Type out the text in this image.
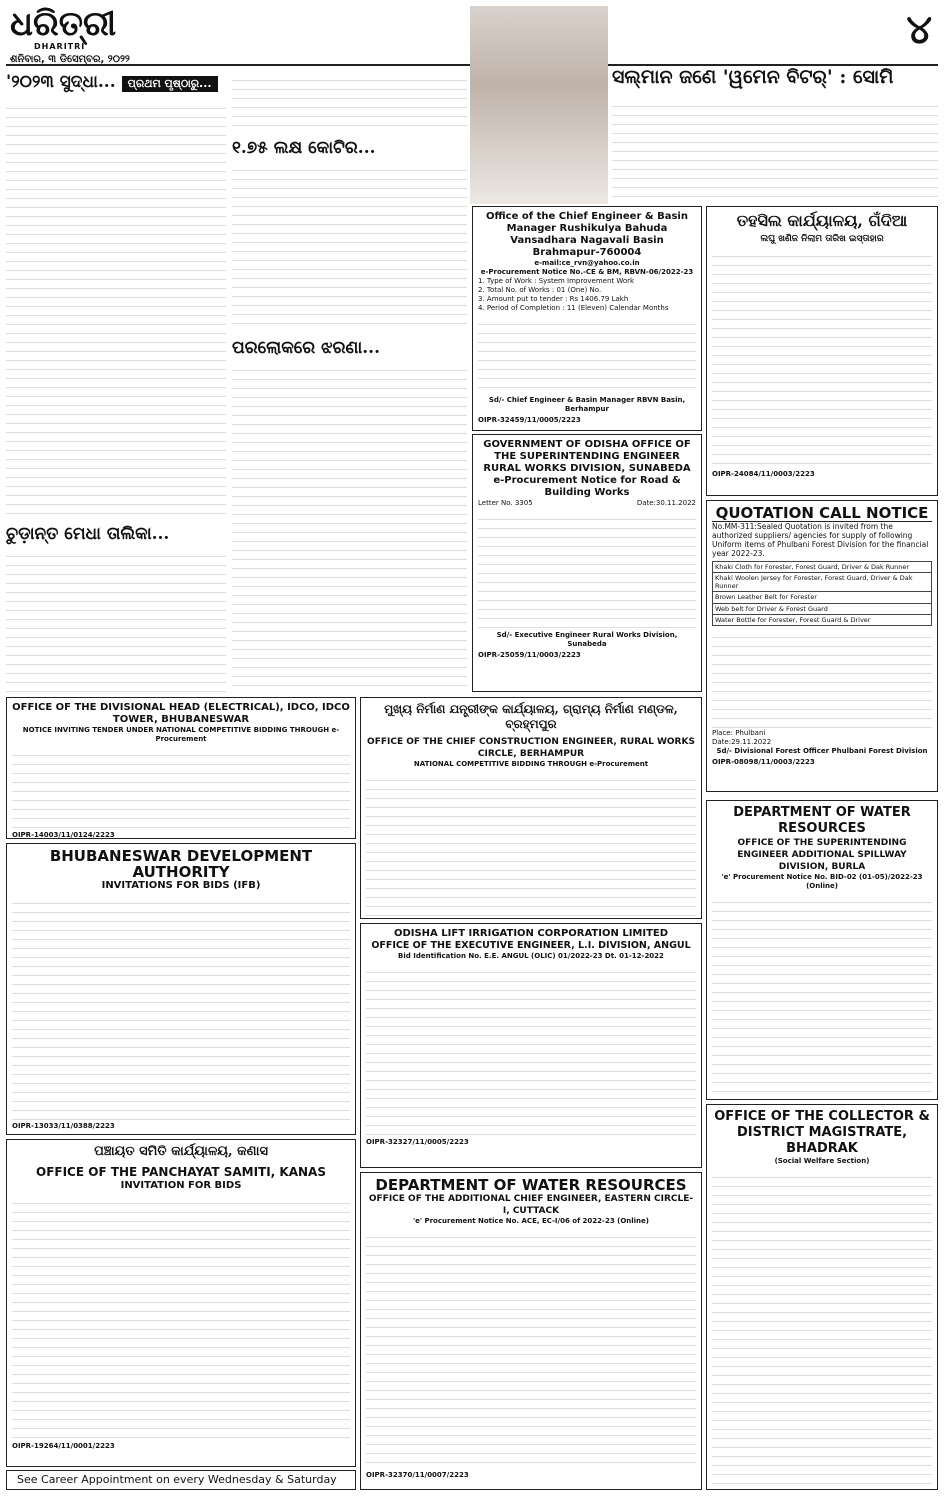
ଧରିତ୍ରୀ
DHARITRI
ଶନିବାର, ୩ ଡିସେମ୍ବର, ୨୦୨୨
୪
'୨୦୨୩ ସୁଦ୍ଧା...	ପ୍ରଥମ ପୃଷ୍ଠାରୁ...
ଚୁଡ଼ାନ୍ତ ମେଧା ତାଲିକା...
୧.୭୫ ଲକ୍ଷ କୋଟିର...
ପରଲୋକରେ ଝରଣା...
ସଲ୍‌ମାନ ଜଣେ 'ୱମେନ ବିଟର୍' : ସୋମି
Office of the Chief Engineer & Basin Manager Rushikulya Bahuda Vansadhara Nagavali Basin Brahmapur-760004
e-mail:ce_rvn@yahoo.co.in
e-Procurement Notice No.-CE & BM, RBVN-06/2022-23
1. Type of Work : System Improvement Work
2. Total No. of Works : 01 (One) No.
3. Amount put to tender : Rs 1406.79 Lakh
4. Period of Completion : 11 (Eleven) Calendar Months
Sd/- Chief Engineer & Basin Manager RBVN Basin, Berhampur
OIPR-32459/11/0005/2223
GOVERNMENT OF ODISHA OFFICE OF THE SUPERINTENDING ENGINEER RURAL WORKS DIVISION, SUNABEDA
e-Procurement Notice for Road & Building Works
Letter No. 3305	Date:30.11.2022
Sd/- Executive Engineer Rural Works Division, Sunabeda
OIPR-25059/11/0003/2223
ତହସିଲ କାର୍ଯ୍ୟାଳୟ, ଗଁଦିଆ
ଲଘୁ ଖଣିଜ ନିଲାମ ତାରିଖ ଇସ୍ତାହାର
OIPR-24084/11/0003/2223
QUOTATION CALL NOTICE
No.MM-311:Sealed Quotation is invited from the authorized suppliers/ agencies for supply of following Uniform items of Phulbani Forest Division for the financial year 2022-23.
Khaki Cloth for Forester, Forest Guard, Driver & Dak Runner
Khaki Woolen Jersey for Forester, Forest Guard, Driver & Dak Runner
Brown Leather Belt for Forester
Web belt for Driver & Forest Guard
Water Bottle for Forester, Forest Guard & Driver
Place: Phulbani
Date:29.11.2022
Sd/- Divisional Forest Officer Phulbani Forest Division
OIPR-08098/11/0003/2223
OFFICE OF THE DIVISIONAL HEAD (ELECTRICAL), IDCO, IDCO TOWER, BHUBANESWAR
NOTICE INVITING TENDER UNDER NATIONAL COMPETITIVE BIDDING THROUGH e-Procurement
OIPR-14003/11/0124/2223
ମୁଖ୍ୟ ନିର୍ମାଣ ଯନ୍ତ୍ରୀଙ୍କ କାର୍ଯ୍ୟାଳୟ, ଗ୍ରାମ୍ୟ ନିର୍ମାଣ ମଣ୍ଡଳ, ବ୍ରହ୍ମପୁର
OFFICE OF THE CHIEF CONSTRUCTION ENGINEER, RURAL WORKS CIRCLE, BERHAMPUR
NATIONAL COMPETITIVE BIDDING THROUGH e-Procurement
DEPARTMENT OF WATER RESOURCES
OFFICE OF THE SUPERINTENDING ENGINEER ADDITIONAL SPILLWAY DIVISION, BURLA
'e' Procurement Notice No. BID-02 (01-05)/2022-23 (Online)
BHUBANESWAR DEVELOPMENT AUTHORITY
INVITATIONS FOR BIDS (IFB)
OIPR-13033/11/0388/2223
ODISHA LIFT IRRIGATION CORPORATION LIMITED
OFFICE OF THE EXECUTIVE ENGINEER, L.I. DIVISION, ANGUL
Bid Identification No. E.E. ANGUL (OLIC) 01/2022-23 Dt. 01-12-2022
OIPR-32327/11/0005/2223
OFFICE OF THE COLLECTOR & DISTRICT MAGISTRATE, BHADRAK
(Social Welfare Section)
ପଞ୍ଚାୟତ ସମିତି କାର୍ଯ୍ୟାଳୟ, କଣାସ
OFFICE OF THE PANCHAYAT SAMITI, KANAS
INVITATION FOR BIDS
OIPR-19264/11/0001/2223
DEPARTMENT OF WATER RESOURCES
OFFICE OF THE ADDITIONAL CHIEF ENGINEER, EASTERN CIRCLE-I, CUTTACK
'e' Procurement Notice No. ACE, EC-I/06 of 2022-23 (Online)
OIPR-32370/11/0007/2223
See Career Appointment on every Wednesday & Saturday
